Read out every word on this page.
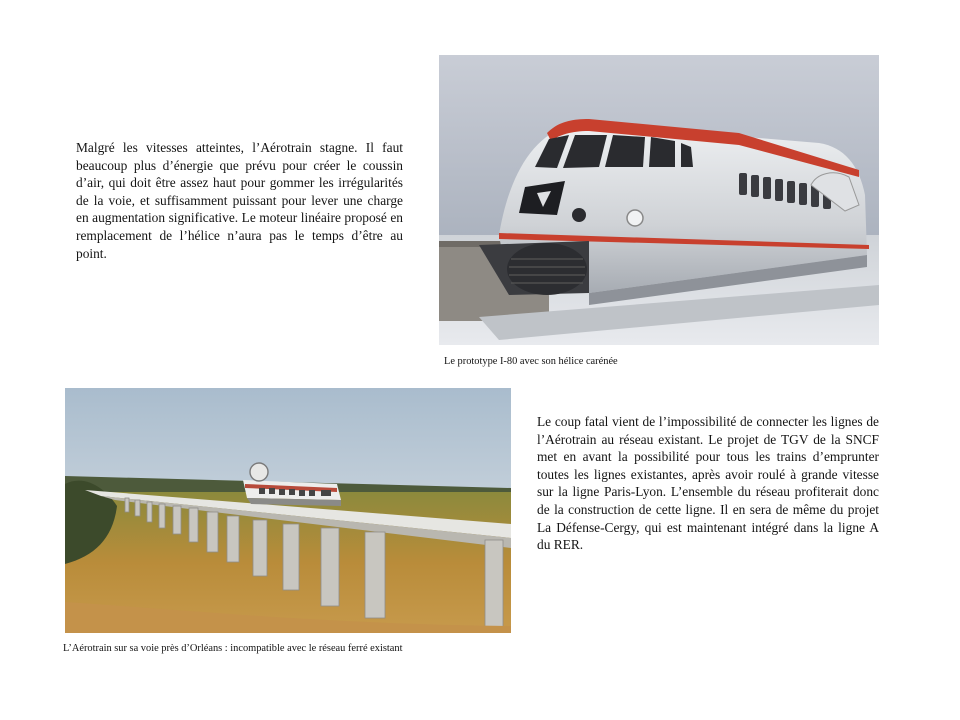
Malgré les vitesses atteintes, l’Aérotrain stagne. Il faut beaucoup plus d’énergie que prévu pour créer le coussin d’air, qui doit être assez haut pour gommer les irrégularités de la voie, et suffisamment puissant pour lever une charge en augmentation significative. Le moteur linéaire proposé en remplacement de l’hélice n’aura pas le temps d’être au point.
Le prototype I-80 avec son hélice carénée
Le coup fatal vient de l’impossibilité de connecter les lignes de l’Aérotrain au réseau existant. Le projet de TGV de la SNCF met en avant la possibilité pour tous les trains d’emprunter toutes les lignes existantes, après avoir roulé à grande vitesse sur la ligne Paris-Lyon. L’ensemble du réseau profiterait donc de la construction de cette ligne. Il en sera de même du projet La Défense-Cergy, qui est maintenant intégré dans la ligne A du RER.
L’Aérotrain sur sa voie près d’Orléans : incompatible avec le réseau ferré existant
